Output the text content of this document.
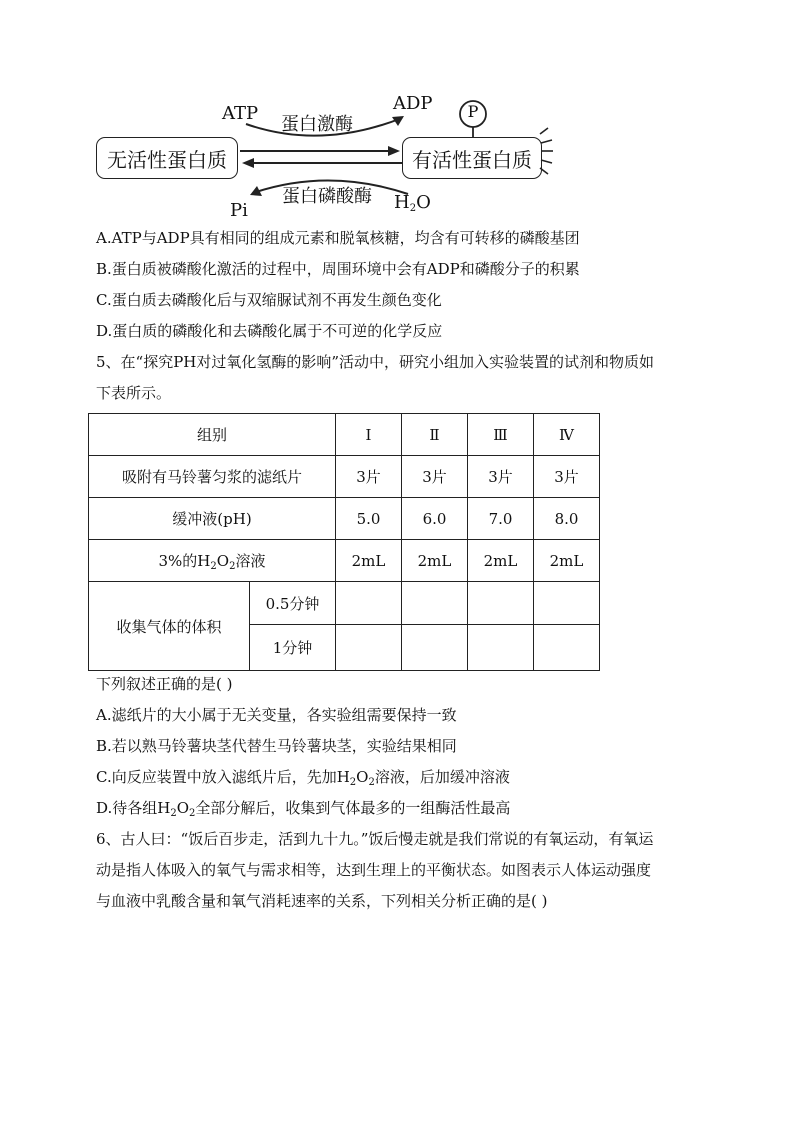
P
无活性蛋白质	有活性蛋白质
ATP	ADP
蛋白激酶
蛋白磷酸酶
Pi	$H_2O$
A.ATP与ADP具有相同的组成元素和脱氧核糖，均含有可转移的磷酸基团
B.蛋白质被磷酸化激活的过程中，周围环境中会有ADP和磷酸分子的积累
C.蛋白质去磷酸化后与双缩脲试剂不再发生颜色变化
D.蛋白质的磷酸化和去磷酸化属于不可逆的化学反应
5、在“探究PH对过氧化氢酶的影响”活动中，研究小组加入实验装置的试剂和物质如
下表所示。
组别		Ⅰ	Ⅱ	Ⅲ	Ⅳ
吸附有马铃薯匀浆的滤纸片		3片	3片	3片	3片
缓冲液(pH)		5.0	6.0	7.0	8.0
3%的$H_2O_2$溶液		2mL	2mL	2mL	2mL
收集气体的体积	0.5分钟				
	1分钟				
下列叙述正确的是( )
A.滤纸片的大小属于无关变量，各实验组需要保持一致
B.若以熟马铃薯块茎代替生马铃薯块茎，实验结果相同
C.向反应装置中放入滤纸片后，先加$H_2O_2$溶液，后加缓冲溶液
D.待各组$H_2O_2$全部分解后，收集到气体最多的一组酶活性最高
6、古人曰：“饭后百步走，活到九十九。”饭后慢走就是我们常说的有氧运动，有氧运
动是指人体吸入的氧气与需求相等，达到生理上的平衡状态。如图表示人体运动强度
与血液中乳酸含量和氧气消耗速率的关系，下列相关分析正确的是( )
